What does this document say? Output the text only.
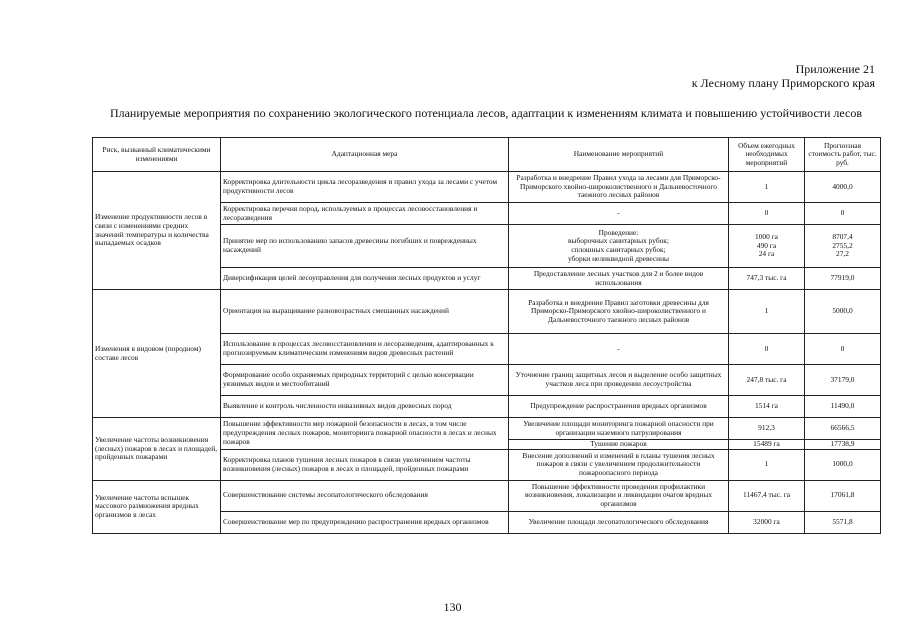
Приложение 21
к Лесному плану Приморского края
Планируемые мероприятия по сохранению экологического потенциала лесов, адаптации к изменениям климата и повышению устойчивости лесов
Риск, вызванный климатическими изменениями	Адаптационная мера	Наименование мероприятий	Объем ежегодных необходимых мероприятий	Прогнозная стоимость работ, тыс. руб.
Изменение продуктивности лесов в связи с изменениями средних значений температуры и количества выпадаемых осадков	Корректировка длительности цикла лесоразведения и правил ухода за лесами с учетом продуктивности лесов	Разработка и внедрение Правил ухода за лесами для Приморско-Приморского хвойно-широколиственного и Дальневосточного таежного лесных районов	1	4000,0
	Корректировка перечня пород, используемых в процессах лесовосстановления и лесоразведения	-	0	0
	Принятие мер по использованию запасов древесины погибших и поврежденных насаждений	Проведение:
выборочных санитарных рубок;
сплошных санитарных рубок;
уборки неликвидной древесины	1000 га
490 га
24 га	8707,4
2755,2
27,2
	Диверсификация целей лесоуправления для получения лесных продуктов и услуг	Предоставление лесных участков для 2 и более видов использования	747,3 тыс. га	77919,0
Изменения в видовом (породном) составе лесов	Ориентация на выращивание разновозрастных смешанных насаждений	Разработка и внедрение Правил заготовки древесины для Приморско-Приморского хвойно-широколиственного и Дальневосточного таежного лесных районов	1	5000,0
	Использование в процессах лесовосстановления и лесоразведения, адаптированных к прогнозируемым климатическим изменениям видов древесных растений	-	0	0
	Формирование особо охраняемых природных территорий с целью консервации уязвимых видов и местообитаний	Уточнение границ защитных лесов и выделение особо защитных участков леса при проведении лесоустройства	247,8 тыс. га	37179,0
	Выявление и контроль численности инвазивных видов древесных пород	Предупреждение распространения вредных организмов	1514 га	11490,0
Увеличение частоты возникновения (лесных) пожаров в лесах и площадей, пройденных пожарами	Повышение эффективности мер пожарной безопасности в лесах, в том числе предупреждения лесных пожаров, мониторинга пожарной опасности в лесах и лесных пожаров	Увеличение площади мониторинга пожарной опасности при организации наземного патрулирования	912,3	66566,5
		Тушение пожаров	15489 га	17738,9
	Корректировка планов тушения лесных пожаров в связи увеличением частоты возникновения (лесных) пожаров в лесах и площадей, пройденных пожарами	Внесение дополнений и изменений в планы тушения лесных пожаров в связи с увеличением продолжительности пожароопасного периода	1	1000,0
Увеличение частоты вспышек массового размножения вредных организмов в лесах	Совершенствование системы лесопатологического обследования	Повышение эффективности проведения профилактики возникновения, локализации и ликвидации очагов вредных организмов	11467,4 тыс. га	17061,8
	Совершенствование мер по предупреждению распространения вредных организмов	Увеличение площади лесопатологического обследования	32000 га	5571,8
130
